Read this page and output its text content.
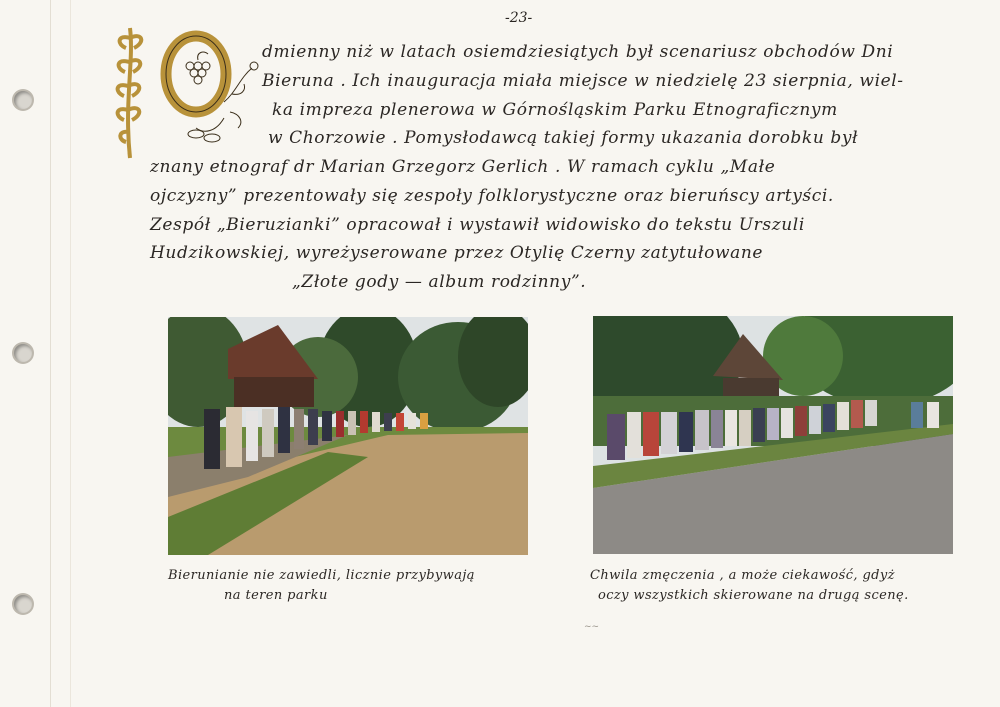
-23-
dmienny niż w latach osiemdziesiątych był scenariusz obchodów Dni
Bieruna . Ich inauguracja miała miejsce w niedzielę 23 sierpnia, wiel-
ka impreza plenerowa w Górnośląskim Parku Etnograficznym
w Chorzowie . Pomysłodawcą takiej formy ukazania dorobku był
znany etnograf dr Marian Grzegorz Gerlich . W ramach cyklu „Małe
ojczyzny” prezentowały się zespoły folklorystyczne oraz bieruńscy artyści.
Zespół „Bieruzianki” opracował i wystawił widowisko do tekstu Urszuli
Hudzikowskiej, wyreżyserowane przez Otylię Czerny zatytułowane
„Złote gody — album rodzinny”.
Bierunianie nie zawiedli, licznie przybywają
na teren parku
Chwila zmęczenia , a może ciekawość, gdyż
oczy wszystkich skierowane na drugą scenę.
~~
